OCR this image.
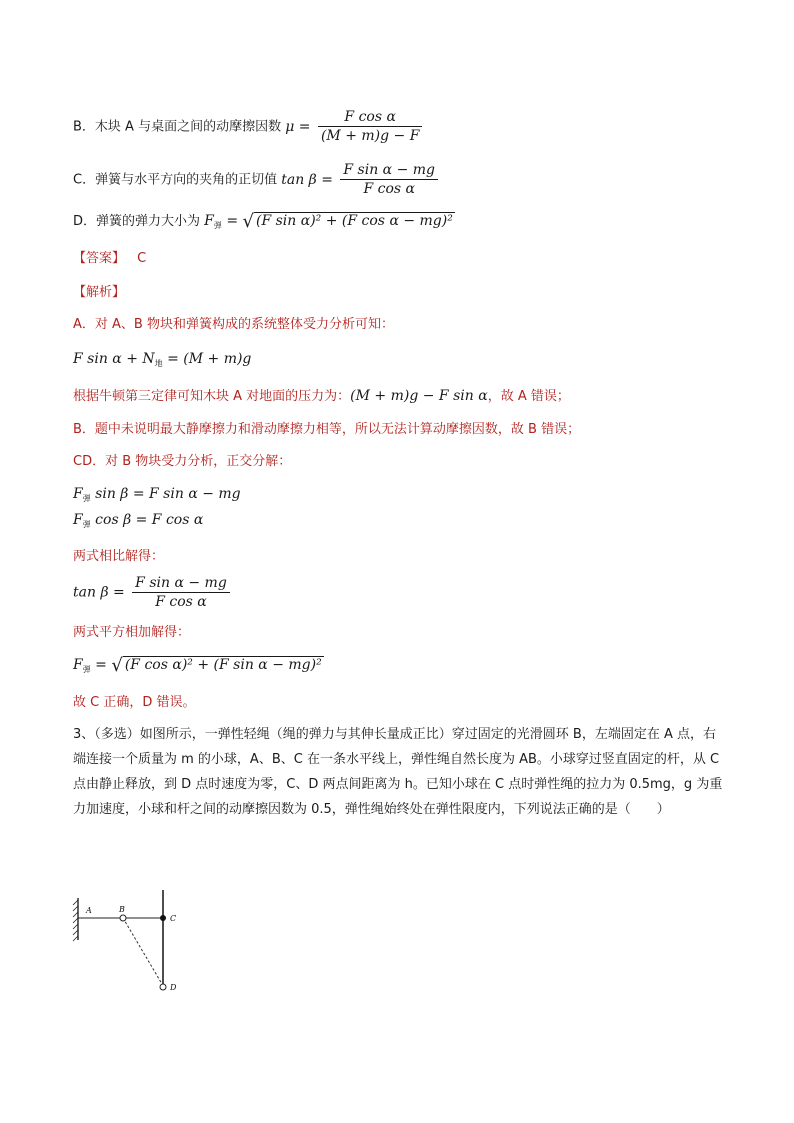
B．木块 A 与桌面之间的动摩擦因数 $\mu = \frac{\text{F cos α}}{(M + m)g - F}$
C．弹簧与水平方向的夹角的正切值 $\tan \beta = \frac{\text{F sin α − mg}}{\text{F cos α}}$
D．弹簧的弹力大小为 $F_弹$ = √ (F sin α)² + (F cos α − mg)²
【答案】 C
【解析】
A．对 A、B 物块和弹簧构成的系统整体受力分析可知：
F $\sin \alpha + N_地 = (M + m)g$
根据牛顿第三定律可知木块 A 对地面的压力为：(M + m)g − F sin α，故 A 错误；
B．题中未说明最大静摩擦力和滑动摩擦力相等，所以无法计算动摩擦因数，故 B 错误；
CD．对 B 物块受力分析，正交分解：
$F_弹$ sin β = F sin α − mg
$F_弹$ cos β = F cos α
两式相比解得：
$\tan \beta = \frac{\text{F sin α − mg}}{\text{F cos α}}$
两式平方相加解得：
$F_弹$ = √ (F cos α)² + (F sin α − mg)²
故 C 正确，D 错误。
3、（多选）如图所示，一弹性轻绳（绳的弹力与其伸长量成正比）穿过固定的光滑圆环 B，左端固定在 A 点，右端连接一个质量为 m 的小球，A、B、C 在一条水平线上，弹性绳自然长度为 AB。小球穿过竖直固定的杆，从 C 点由静止释放，到 D 点时速度为零，C、D 两点间距离为 h。已知小球在 C 点时弹性绳的拉力为 0.5mg，g 为重力加速度，小球和杆之间的动摩擦因数为 0.5，弹性绳始终处在弹性限度内，下列说法正确的是（　　）
A	B
C
D
